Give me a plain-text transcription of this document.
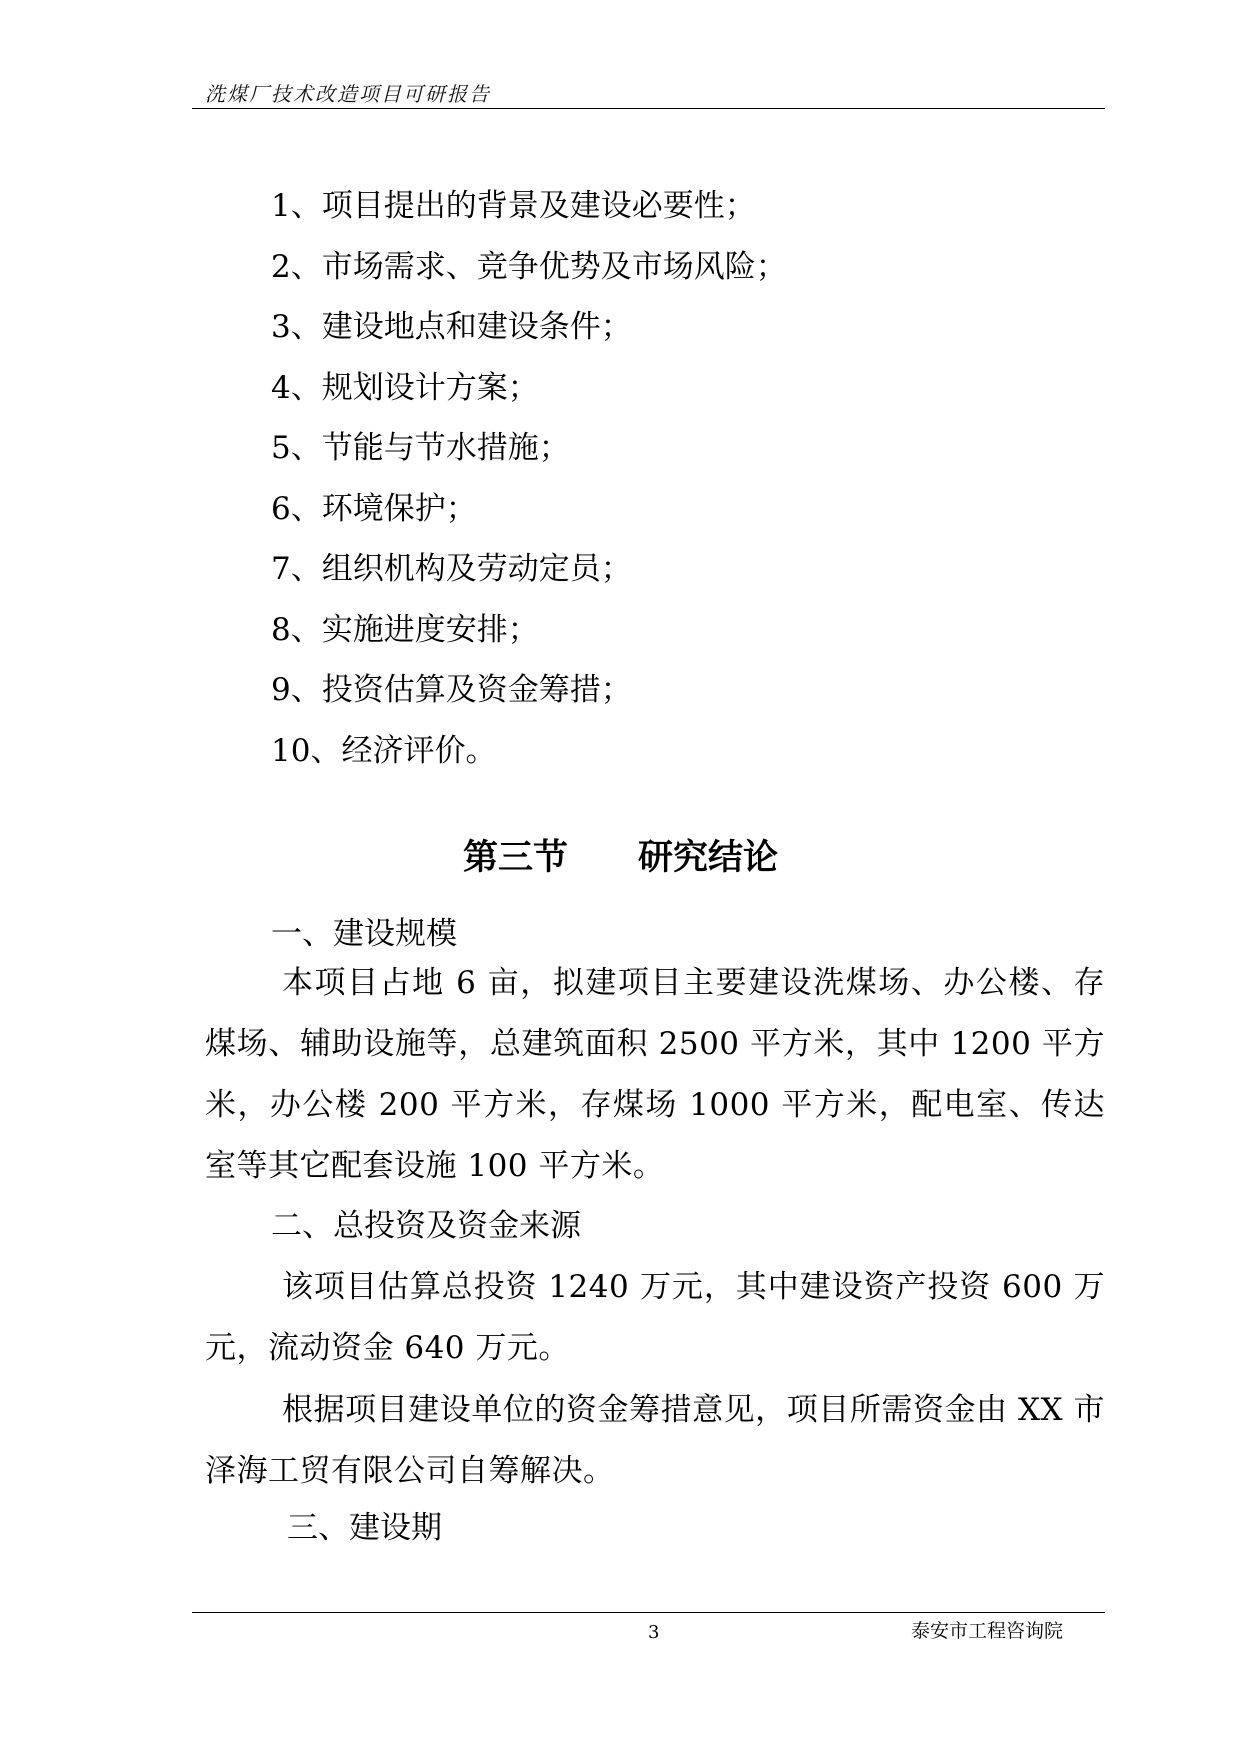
洗煤厂技术改造项目可研报告
1、项目提出的背景及建设必要性；
2、市场需求、竞争优势及市场风险；
3、建设地点和建设条件；
4、规划设计方案；
5、节能与节水措施；
6、环境保护；
7、组织机构及劳动定员；
8、实施进度安排；
9、投资估算及资金筹措；
10、经济评价。
第三节　　研究结论
一、建设规模

本项目占地 6 亩，拟建项目主要建设洗煤场、办公楼、存煤场、辅助设施等，总建筑面积 2500 平方米，其中 1200 平方米，办公楼 200 平方米，存煤场 1000 平方米，配电室、传达室等其它配套设施 100 平方米。

二、总投资及资金来源

该项目估算总投资 1240 万元，其中建设资产投资 600 万元，流动资金 640 万元。

根据项目建设单位的资金筹措意见，项目所需资金由 XX 市泽海工贸有限公司自筹解决。

三、建设期
3	泰安市工程咨询院
